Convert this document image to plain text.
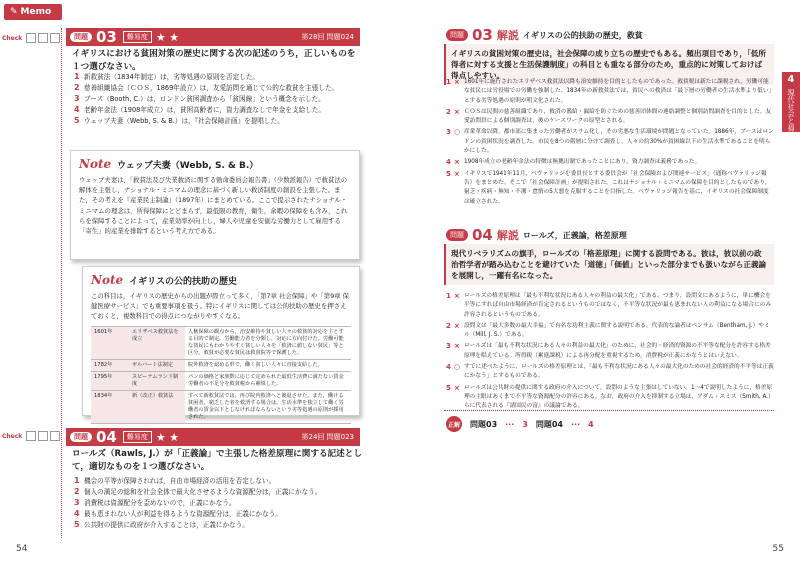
✎ Memo
Check	問題 03	難易度 ★ ★	第28回 問題024
イギリスにおける貧困対策の歴史に関する次の記述のうち，正しいものを１つ選びなさい。
1 新救貧法（1834年制定）は，劣等処遇の原則を否定した。
2 慈善組織協会（ＣＯＳ，1869年設立）は，友愛訪問を通じて公的な救貧を主張した。
3 ブース（Booth, C.）は，ロンドン貧困調査から「貧困線」という概念を示した。
4 老齢年金法（1908年成立）は，貧困高齢者に，資力調査なしで年金を支給した。
5 ウェッブ夫妻（Webb, S. & B.）は，『社会保障計画』を提唱した。
Note ウェッブ夫妻（Webb, S. & B.）
ウェッブ夫妻は，「救貧法及び失業救済に関する勅命委員会報告書」（少数派報告）で救貧法の解体を主張し，ナショナル・ミニマムの理念に基づく新しい救済制度の創設を主張した。また，その考えを『産業民主制論』（1897年）にまとめている。ここで提示されたナショナル・ミニマムの理念は，所得保障にとどまらず，最低限の教育，衛生，余暇の保障をも含み，これらを保障することによって，産業効率が向上し，婦人や児童を安価な労働力として雇用する「寄生」的産業を排除するという考え方である。
Note イギリスの公的扶助の歴史
この科目は，イギリスの歴史からの出題が際立って多く，「第7章 社会保障」や「第9章 保健医療サービス」でも重要事項を扱う。特にイギリスに関しては公的扶助の歴史を押さえておくと，複数科目での得点につながりやすくなる。
1601年	エリザベス救貧法を成立	人権保障の観点から，治安維持や貧しい人々の救貧的対応を主とする目的で制定。労働能力者を分類し，対応に方向付けた。労働可能な貧民にもわかりやすく貧しい人々を「救済に値しない貧民」等と区分。救貧が必要な貧民は救貧院等で保護した。
1782年	ギルバート法制定	院外救済を認める形で，働く貧しい人々に直接支給した。
1795年	スピーナムランド制度	パンの価格と家族数に応じて定められた最低生活費に満たない賃金労働者の不足分を救貧税から補填した。
1834年	新（改正）救貧法	すべて新救貧法では，再び院内救済へと後退させた。また，働ける貧困者，窮乏した者を救済する場合は，生活水準を独立して働く労働者の賃金以下としなければならないという劣等処遇の原則が採用された。
Check	問題 04	難易度 ★ ★	第24回 問題023
ロールズ（Rawls, J.）が「正義論」で主張した格差原理に関する記述として，適切なものを１つ選びなさい。
1 機会の平等が保障されれば，自由市場経済の活用を否定しない。
2 個人の満足の総和を社会全体で最大化させるような資源配分は，正義にかなう。
3 消費税は資源配分を歪めないので，正義にかなう。
4 最も恵まれない人が利益を得るような資源配分は，正義にかなう。
5 公共財の提供に政府が介入することは，正義にかなう。
54
4
現代社会と福祉
問題 03 解説 イギリスの公的扶助の歴史，救貧
イギリスの貧困対策の歴史は，社会保障の成り立ちの歴史でもある。頻出項目であり，「低所得者に対する支援と生活保護制度」の科目とも重なる部分のため，重点的に対策しておけば得点しやすい。
1 × 1601年に施行されたエリザベス救貧法以降も治安維持を目的としたものであった。救貧税は新たに課税され，労働可能な貧民には労役場での労働を強制した。1834年の新救貧法では，貧民への救済は「最下層の労働者の生活水準より低い」とする劣等処遇の原則が明文化された。
2 × ＣＯＳは民間の慈善組織であり，救済の濫給・漏給を防ぐための慈善団体間の連絡調整と個別訪問調査を目的とした。友愛訪問員による個別調査は，後のケースワークの原型とされる。
3 ○ 産業革命以降，都市部に集まった労働者がスラム化し，その劣悪な生活環境が問題となっていた。1886年，ブースはロンドンの貧困状況を調査した。市民を8つの階層に分けて調査し，人々の約30%が貧困線以下の生活水準であることを明らかにした。
4 × 1908年成立の老齢年金法の特徴は無拠出制であったことにあり，資力調査は義務であった。
5 × イギリスで1941年11月，ベヴァリッジを委員長とする委員会が「社会保険および関連サービス」（通称ベヴァリッジ報告）をまとめた。そこで「社会保障計画」が提唱された。これはナショナル・ミニマムの保障を目的としたものであり，窮乏・疾病・無知・不潔・怠惰の5大悪を克服することを目指した。ベヴァリッジ報告を基に，イギリスの社会保障制度は確立された。
問題 04 解説 ロールズ，正義論，格差原理
現代リベラリズムの旗手，ロールズの「格差原理」に関する設問である。彼は，彼以前の政治哲学者が踏み込むことを避けていた「道徳」「価値」といった部分までも扱いながら正義論を展開し，一躍有名になった。
1 × ロールズの格差原理は「最も不利な状況にある人々の利益の最大化」である。つまり，設問文にあるように，単に機会を平等にすれば自由市場経済が肯定されるというものではなく，不平等な状況が最も恵まれない人の利益になる場合にのみ許容されるというものである。
2 × 設問文は「最大多数の最大幸福」で有名な功利主義に関する説明である。代表的な論者はベンサム（Bentham, J.）やミル（Mill, J. S.）である。
3 × ロールズは「最も不利な状況にある人々の利益の最大化」のために，社会的・経済的資源の不平等な配分を許容する格差原理を唱えている。所得税（累進課税）による再分配を重視するため，消費税が正義にかなうとはいえない。
4 ○ すでに述べたように，ロールズの格差原理とは，「最も不利な状況にある人々の最大化のための社会的経済的不平等は正義にかなう」とするものである。
5 × ロールズは公共財の提供に関する政府の介入について，設問のような主張はしていない。1～4で説明したように，格差原理の主眼はあくまで不平等な資源配分の許容にある。なお，政府の介入を抑制する立場は，アダム・スミス（Smith, A.）らに代表される『諸国民の富』の議論である。
正解 問題03 ··· 3 問題04 ··· 4
55
